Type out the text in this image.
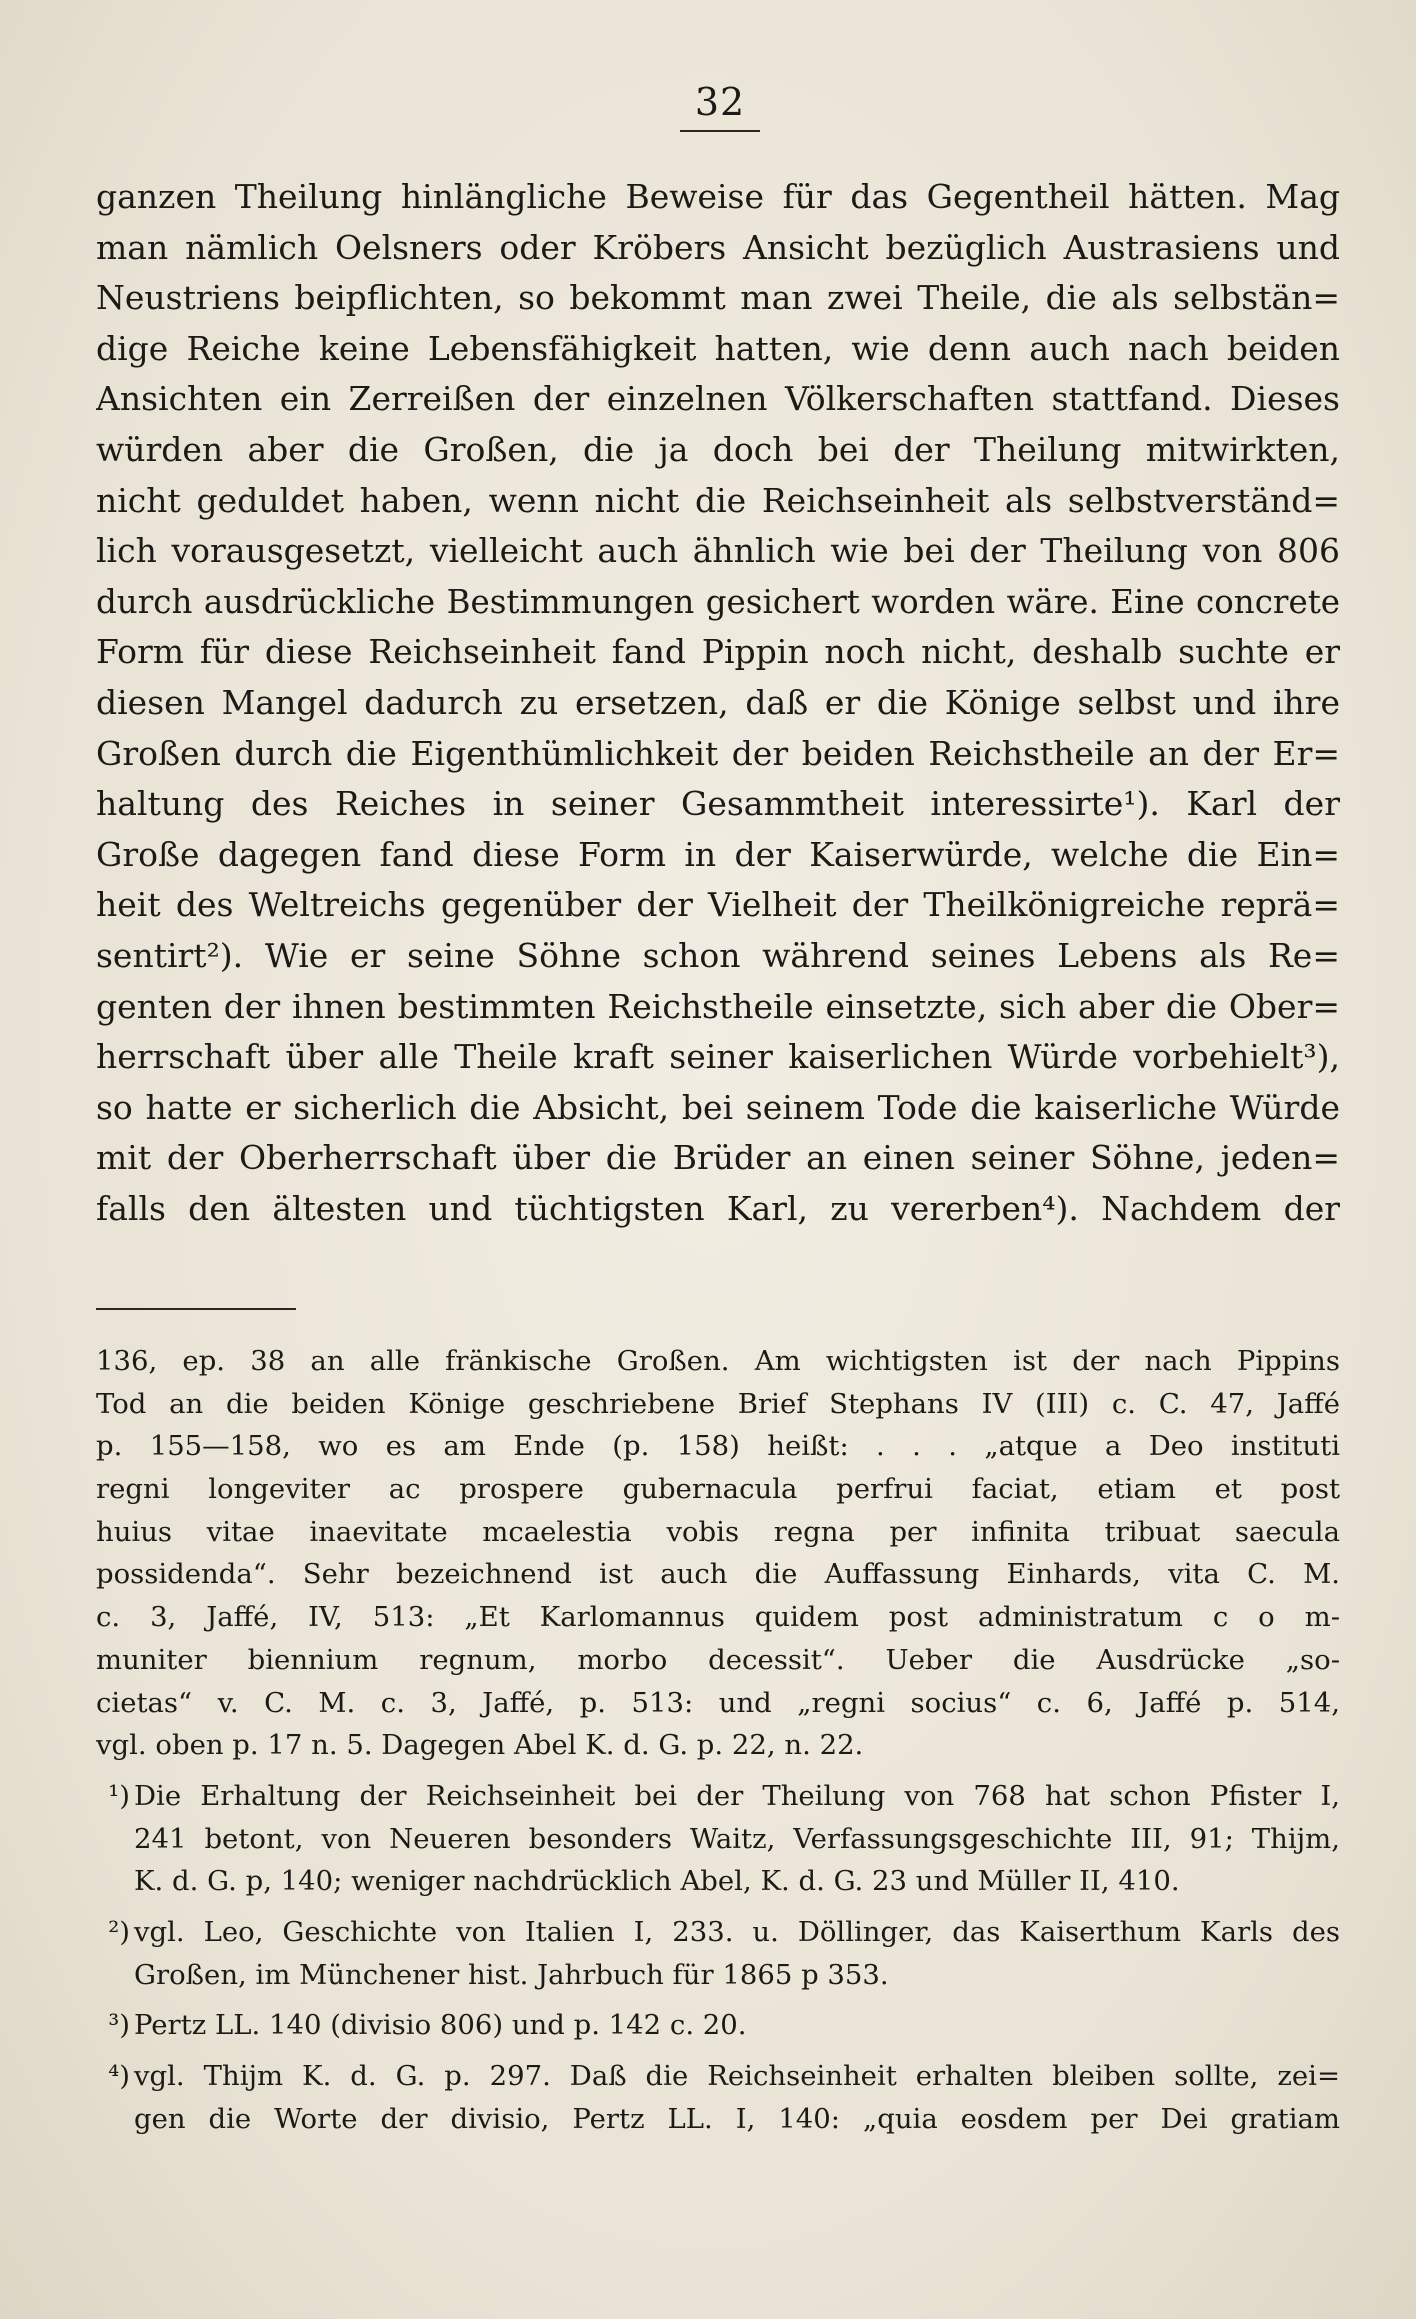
32
ganzen Theilung hinlängliche Beweise für das Gegentheil hätten. Mag
man nämlich Oelsners oder Kröbers Ansicht bezüglich Austrasiens und
Neustriens beipflichten, so bekommt man zwei Theile, die als selbstän=
dige Reiche keine Lebensfähigkeit hatten, wie denn auch nach beiden
Ansichten ein Zerreißen der einzelnen Völkerschaften stattfand. Dieses
würden aber die Großen, die ja doch bei der Theilung mitwirkten,
nicht geduldet haben, wenn nicht die Reichseinheit als selbstverständ=
lich vorausgesetzt, vielleicht auch ähnlich wie bei der Theilung von 806
durch ausdrückliche Bestimmungen gesichert worden wäre. Eine concrete
Form für diese Reichseinheit fand Pippin noch nicht, deshalb suchte er
diesen Mangel dadurch zu ersetzen, daß er die Könige selbst und ihre
Großen durch die Eigenthümlichkeit der beiden Reichstheile an der Er=
haltung des Reiches in seiner Gesammtheit interessirte¹). Karl der
Große dagegen fand diese Form in der Kaiserwürde, welche die Ein=
heit des Weltreichs gegenüber der Vielheit der Theilkönigreiche reprä=
sentirt²). Wie er seine Söhne schon während seines Lebens als Re=
genten der ihnen bestimmten Reichstheile einsetzte, sich aber die Ober=
herrschaft über alle Theile kraft seiner kaiserlichen Würde vorbehielt³),
so hatte er sicherlich die Absicht, bei seinem Tode die kaiserliche Würde
mit der Oberherrschaft über die Brüder an einen seiner Söhne, jeden=
falls den ältesten und tüchtigsten Karl, zu vererben⁴). Nachdem der
136, ep. 38 an alle fränkische Großen. Am wichtigsten ist der nach Pippins
Tod an die beiden Könige geschriebene Brief Stephans IV (III) c. C. 47, Jaffé
p. 155—158, wo es am Ende (p. 158) heißt: . . . „atque a Deo instituti
regni longeviter ac prospere gubernacula perfrui faciat, etiam et post
huius vitae inaevitate mcaelestia vobis regna per infinita tribuat saecula
possidenda“. Sehr bezeichnend ist auch die Auffassung Einhards, vita C. M.
c. 3, Jaffé, IV, 513: „Et Karlomannus quidem post administratum c o m-
muniter biennium regnum, morbo decessit“. Ueber die Ausdrücke „so-
cietas“ v. C. M. c. 3, Jaffé, p. 513: und „regni socius“ c. 6, Jaffé p. 514,
vgl. oben p. 17 n. 5. Dagegen Abel K. d. G. p. 22, n. 22.
¹) Die Erhaltung der Reichseinheit bei der Theilung von 768 hat schon Pfister I,
241 betont, von Neueren besonders Waitz, Verfassungsgeschichte III, 91; Thijm,
K. d. G. p, 140; weniger nachdrücklich Abel, K. d. G. 23 und Müller II, 410.
²) vgl. Leo, Geschichte von Italien I, 233. u. Döllinger, das Kaiserthum Karls des
Großen, im Münchener hist. Jahrbuch für 1865 p 353.
³) Pertz LL. 140 (divisio 806) und p. 142 c. 20.
⁴) vgl. Thijm K. d. G. p. 297. Daß die Reichseinheit erhalten bleiben sollte, zei=
gen die Worte der divisio, Pertz LL. I, 140: „quia eosdem per Dei gratiam
